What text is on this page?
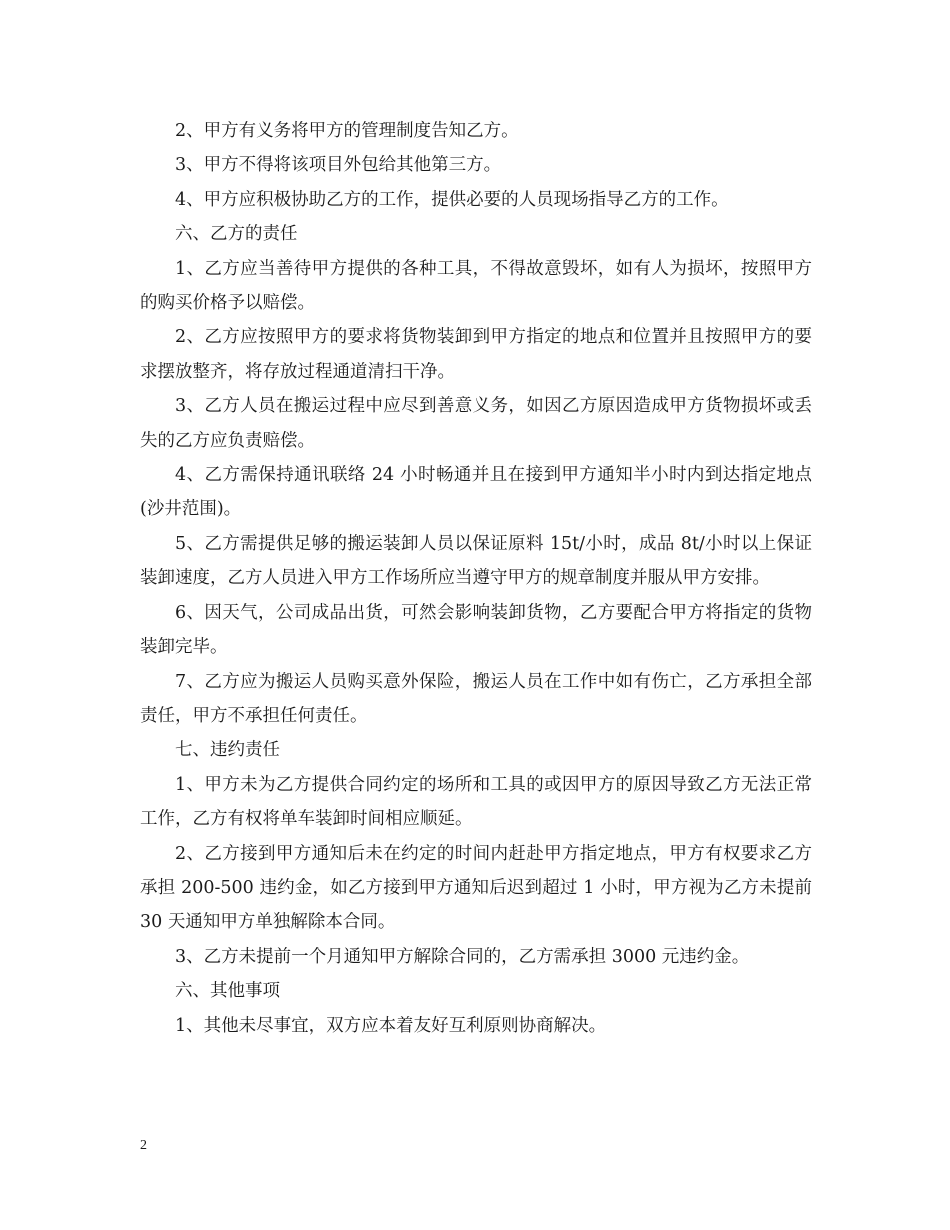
2、甲方有义务将甲方的管理制度告知乙方。

3、甲方不得将该项目外包给其他第三方。

4、甲方应积极协助乙方的工作，提供必要的人员现场指导乙方的工作。

六、乙方的责任

1、乙方应当善待甲方提供的各种工具，不得故意毁坏，如有人为损坏，按照甲方的购买价格予以赔偿。

2、乙方应按照甲方的要求将货物装卸到甲方指定的地点和位置并且按照甲方的要求摆放整齐，将存放过程通道清扫干净。

3、乙方人员在搬运过程中应尽到善意义务，如因乙方原因造成甲方货物损坏或丢失的乙方应负责赔偿。

4、乙方需保持通讯联络 24 小时畅通并且在接到甲方通知半小时内到达指定地点(沙井范围)。

5、乙方需提供足够的搬运装卸人员以保证原料 15t/小时，成品 8t/小时以上保证装卸速度，乙方人员进入甲方工作场所应当遵守甲方的规章制度并服从甲方安排。

6、因天气，公司成品出货，可然会影响装卸货物，乙方要配合甲方将指定的货物装卸完毕。

7、乙方应为搬运人员购买意外保险，搬运人员在工作中如有伤亡，乙方承担全部责任，甲方不承担任何责任。

七、违约责任

1、甲方未为乙方提供合同约定的场所和工具的或因甲方的原因导致乙方无法正常工作，乙方有权将单车装卸时间相应顺延。

2、乙方接到甲方通知后未在约定的时间内赶赴甲方指定地点，甲方有权要求乙方承担 200-500 违约金，如乙方接到甲方通知后迟到超过 1 小时，甲方视为乙方未提前 30 天通知甲方单独解除本合同。

3、乙方未提前一个月通知甲方解除合同的，乙方需承担 3000 元违约金。

六、其他事项

1、其他未尽事宜，双方应本着友好互利原则协商解决。

2
